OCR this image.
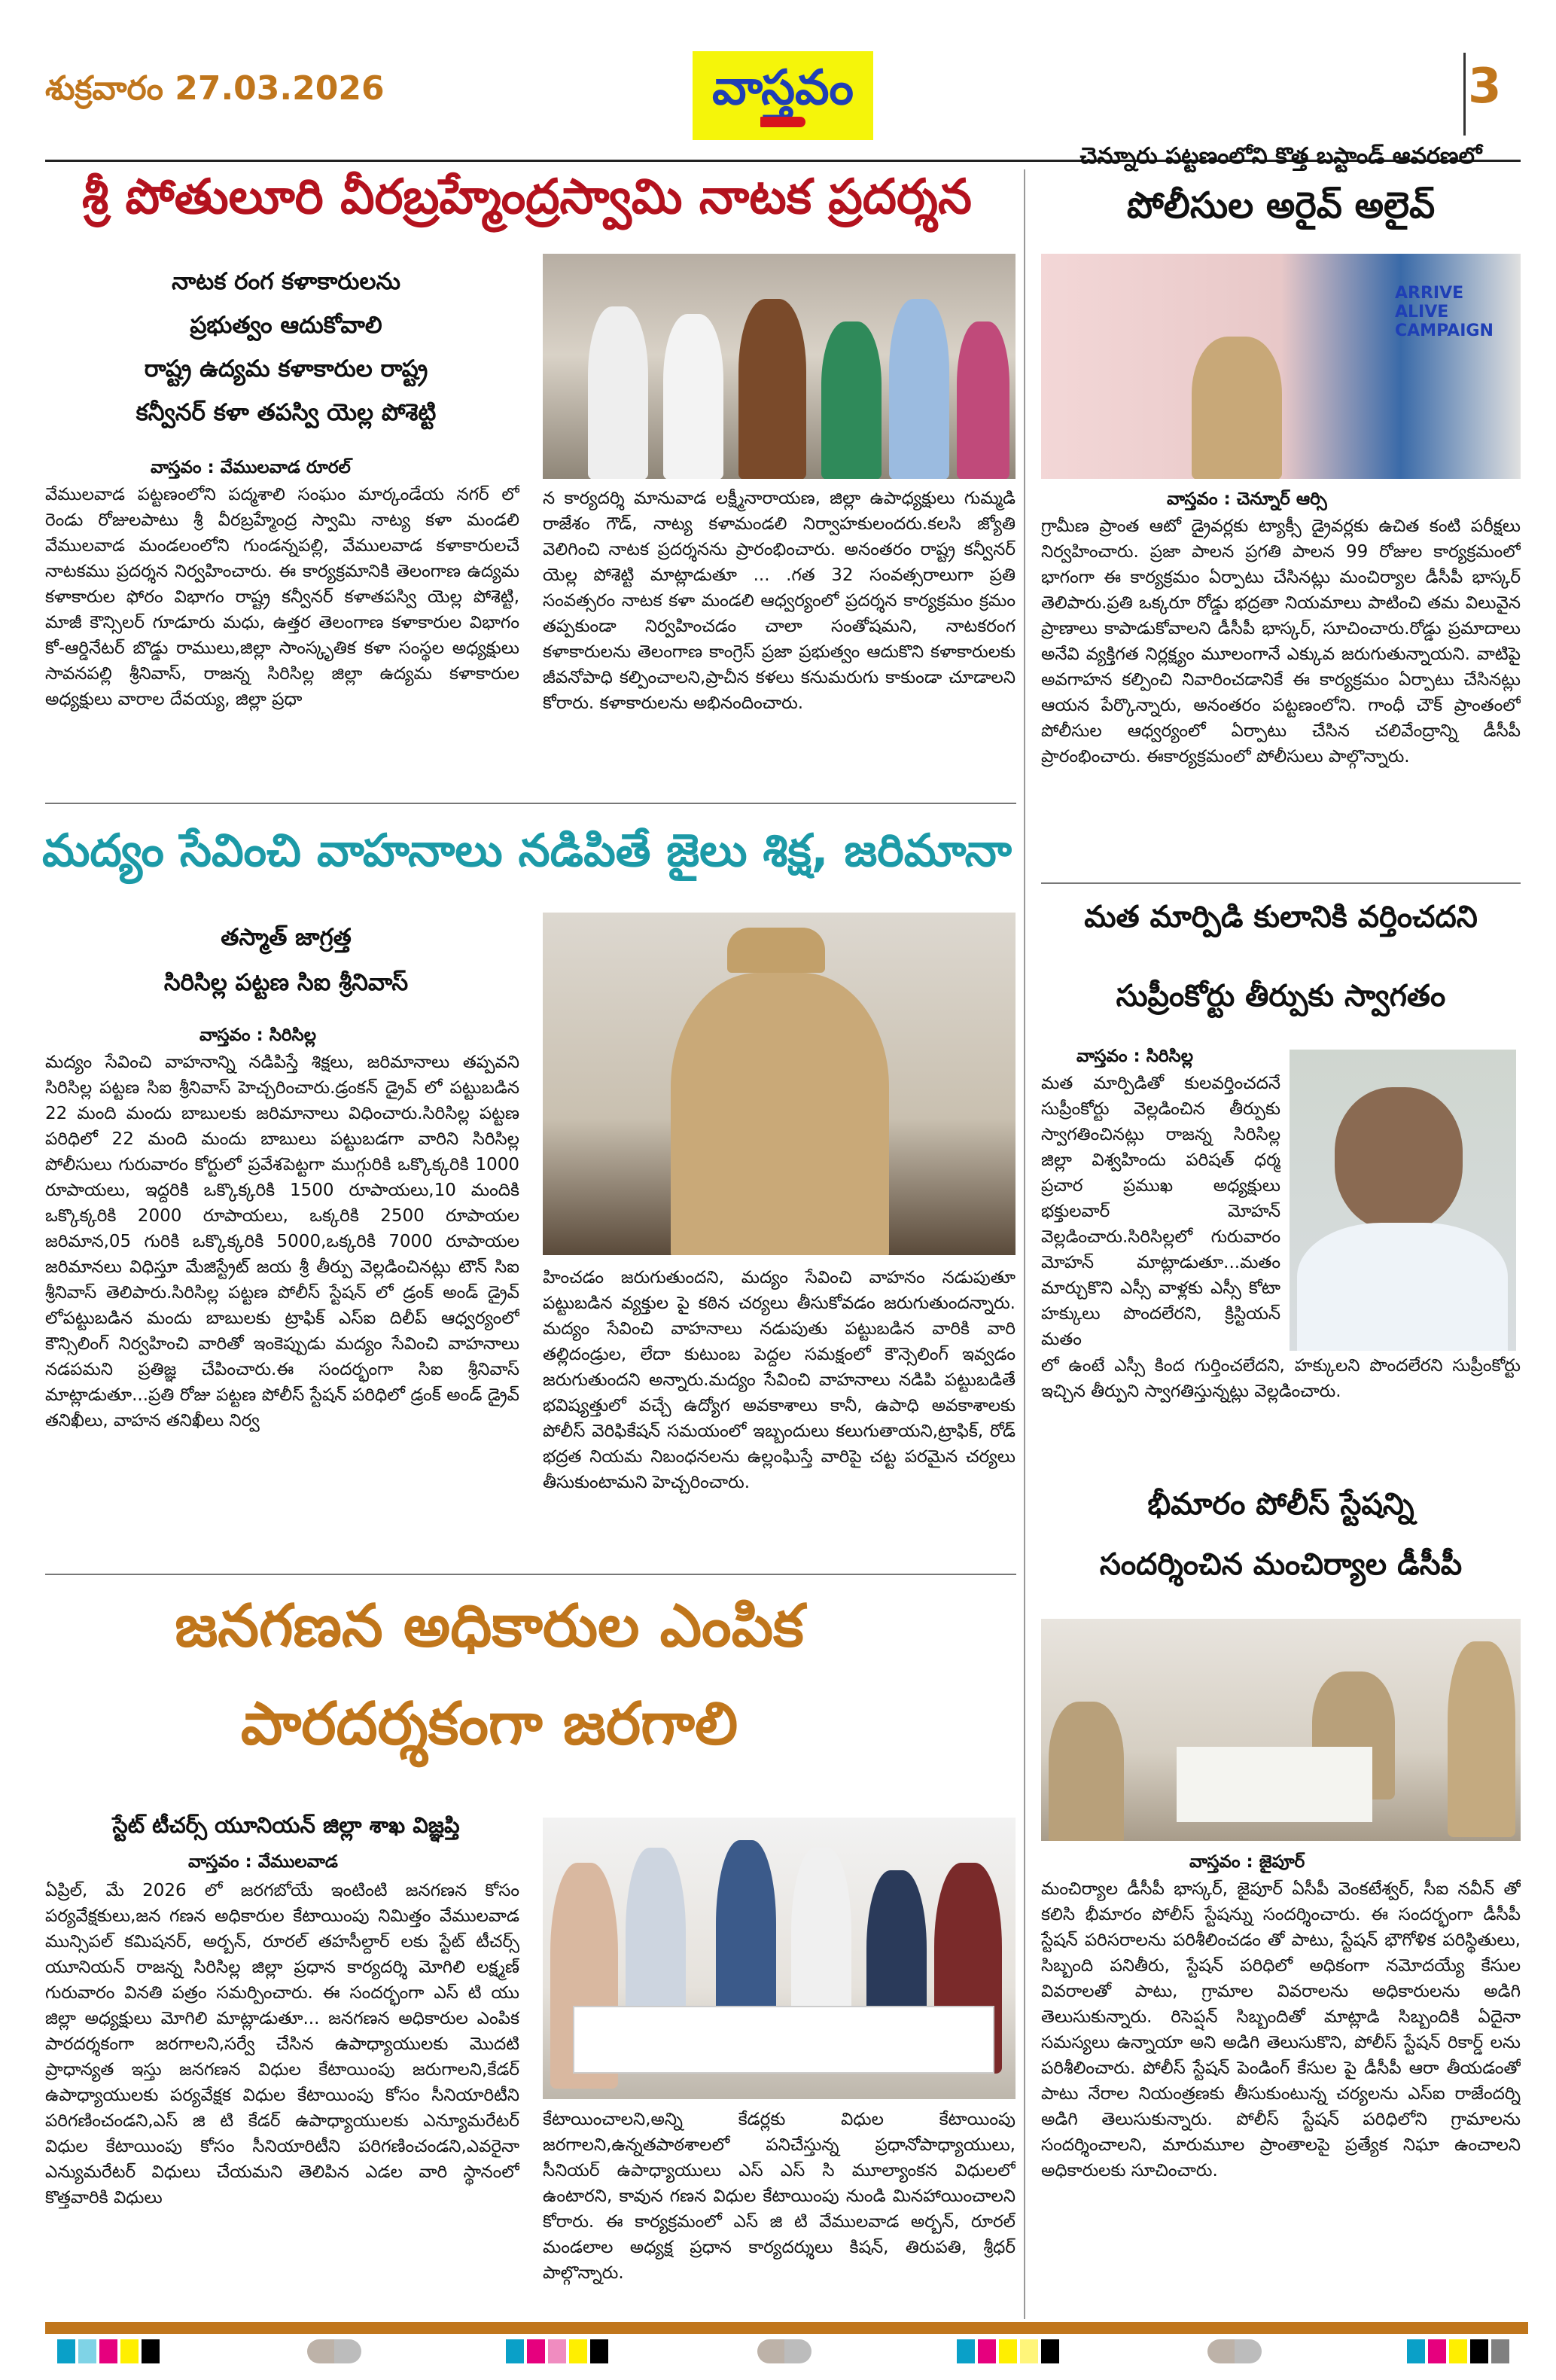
శుక్రవారం 27.03.2026	వాస్తవం	3
శ్రీ పోతులూరి వీరబ్రహ్మేంద్రస్వామి నాటక ప్రదర్శన
నాటక రంగ కళాకారులను
ప్రభుత్వం ఆదుకోవాలి
రాష్ట్ర ఉద్యమ కళాకారుల రాష్ట్ర
కన్వీనర్ కళా తపస్వి యెల్ల పోశెట్టి
వాస్తవం : వేములవాడ రూరల్
వేములవాడ పట్టణంలోని పద్మశాలి సంఘం మార్కండేయ నగర్ లో రెండు రోజులపాటు శ్రీ వీరబ్రహ్మేంద్ర స్వామి నాట్య కళా మండలి వేములవాడ మండలంలోని గుండన్నపల్లి, వేములవాడ కళాకారులచే నాటకము ప్రదర్శన నిర్వహించారు. ఈ కార్యక్రమానికి తెలంగాణ ఉద్యమ కళాకారుల ఫోరం విభాగం రాష్ట్ర కన్వీనర్ కళాతపస్వి యెల్ల పోశెట్టి, మాజీ కౌన్సిలర్ గూడూరు మధు, ఉత్తర తెలంగాణ కళాకారుల విభాగం కో-ఆర్డినేటర్ బొడ్డు రాములు,జిల్లా సాంస్కృతిక కళా సంస్థల అధ్యక్షులు సావనపల్లి శ్రీనివాస్, రాజన్న సిరిసిల్ల జిల్లా ఉద్యమ కళాకారుల అధ్యక్షులు వారాల దేవయ్య, జిల్లా ప్రధా
న కార్యదర్శి మానువాడ లక్ష్మీనారాయణ, జిల్లా ఉపాధ్యక్షులు గుమ్మడి రాజేశం గౌడ్, నాట్య కళామండలి నిర్వాహకులందరు.కలసి జ్యోతి వెలిగించి నాటక ప్రదర్శనను ప్రారంభించారు. అనంతరం రాష్ట్ర కన్వీనర్ యెల్ల పోశెట్టి మాట్లాడుతూ ... .గత 32 సంవత్సరాలుగా ప్రతి సంవత్సరం నాటక కళా మండలి ఆధ్వర్యంలో ప్రదర్శన కార్యక్రమం క్రమం తప్పకుండా నిర్వహించడం చాలా సంతోషమని, నాటకరంగ కళాకారులను తెలంగాణ కాంగ్రెస్ ప్రజా ప్రభుత్వం ఆదుకొని కళాకారులకు జీవనోపాధి కల్పించాలని,ప్రాచీన కళలు కనుమరుగు కాకుండా చూడాలని కోరారు. కళాకారులను అభినందించారు.
మద్యం సేవించి వాహనాలు నడిపితే జైలు శిక్ష, జరిమానా
తస్మాత్ జాగ్రత్త
సిరిసిల్ల పట్టణ సిఐ శ్రీనివాస్
వాస్తవం : సిరిసిల్ల
మద్యం సేవించి వాహనాన్ని నడిపిస్తే శిక్షలు, జరిమానాలు తప్పవని సిరిసిల్ల పట్టణ సిఐ శ్రీనివాస్ హెచ్చరించారు.డ్రంకన్ డ్రైవ్ లో పట్టుబడిన 22 మంది మందు బాబులకు జరిమానాలు విధించారు.సిరిసిల్ల పట్టణ పరిధిలో 22 మంది మందు బాబులు పట్టుబడగా వారిని సిరిసిల్ల పోలీసులు గురువారం కోర్టులో ప్రవేశపెట్టగా ముగ్గురికి ఒక్కొక్కరికి 1000 రూపాయలు, ఇద్దరికి ఒక్కొక్కరికి 1500 రూపాయలు,10 మందికి ఒక్కొక్కరికి 2000 రూపాయలు, ఒక్కరికి 2500 రూపాయల జరిమాన,05 గురికి ఒక్కొక్కరికి 5000,ఒక్కరికి 7000 రూపాయల జరిమానలు విధిస్తూ మేజిస్ట్రేట్ జయ శ్రీ తీర్పు వెల్లడించినట్లు టౌన్ సిఐ శ్రీనివాస్ తెలిపారు.సిరిసిల్ల పట్టణ పోలీస్ స్టేషన్ లో డ్రంక్ అండ్ డ్రైవ్ లోపట్టుబడిన మందు బాబులకు ట్రాఫిక్ ఎస్ఐ దిలీప్ ఆధ్వర్యంలో కౌన్సిలింగ్ నిర్వహించి వారితో ఇంకెప్పుడు మద్యం సేవించి వాహనాలు నడపమని ప్రతిజ్ఞ చేపించారు.ఈ సందర్భంగా సిఐ శ్రీనివాస్ మాట్లాడుతూ...ప్రతి రోజు పట్టణ పోలీస్ స్టేషన్ పరిధిలో డ్రంక్ అండ్ డ్రైవ్ తనిఖీలు, వాహన తనిఖీలు నిర్వ
హించడం జరుగుతుందని, మద్యం సేవించి వాహనం నడుపుతూ పట్టుబడిన వ్యక్తుల పై కఠిన చర్యలు తీసుకోవడం జరుగుతుందన్నారు. మద్యం సేవించి వాహనాలు నడుపుతు పట్టుబడిన వారికి వారి తల్లిదండ్రుల, లేదా కుటుంబ పెద్దల సమక్షంలో కౌన్సెలింగ్ ఇవ్వడం జరుగుతుందని అన్నారు.మద్యం సేవించి వాహనాలు నడిపి పట్టుబడితే భవిష్యత్తులో వచ్చే ఉద్యోగ అవకాశాలు కానీ, ఉపాధి అవకాశాలకు పోలీస్ వెరిఫికేషన్ సమయంలో ఇబ్బందులు కలుగుతాయని,ట్రాఫిక్, రోడ్ భద్రత నియమ నిబంధనలను ఉల్లంఘిస్తే వారిపై చట్ట పరమైన చర్యలు తీసుకుంటామని హెచ్చరించారు.
జనగణన అధికారుల ఎంపిక
పారదర్శకంగా జరగాలి
స్టేట్ టీచర్స్ యూనియన్ జిల్లా శాఖ విజ్ఞప్తి
వాస్తవం : వేములవాడ
ఏప్రిల్, మే 2026 లో జరగబోయే ఇంటింటి జనగణన కోసం పర్యవేక్షకులు,జన గణన అధికారుల కేటాయింపు నిమిత్తం వేములవాడ మున్సిపల్ కమిషనర్, అర్బన్, రూరల్ తహసీల్దార్ లకు స్టేట్ టీచర్స్ యూనియన్ రాజన్న సిరిసిల్ల జిల్లా ప్రధాన కార్యదర్శి మోగిలి లక్ష్మణ్ గురువారం వినతి పత్రం సమర్పించారు. ఈ సందర్భంగా ఎస్ టి యు జిల్లా అధ్యక్షులు మోగిలి మాట్లాడుతూ... జనగణన అధికారుల ఎంపిక పారదర్శకంగా జరగాలని,సర్వే చేసిన ఉపాధ్యాయులకు మొదటి ప్రాధాన్యత ఇస్తు జనగణన విధుల కేటాయింపు జరుగాలని,కేడర్ ఉపాధ్యాయులకు పర్యవేక్షక విధుల కేటాయింపు కోసం సీనియారిటీని పరిగణించండని,ఎస్ జి టి కేడర్ ఉపాధ్యాయులకు ఎన్యూమరేటర్ విధుల కేటాయింపు కోసం సీనియారిటీని పరిగణించండని,ఎవరైనా ఎన్యుమరేటర్ విధులు చేయమని తెలిపిన ఎడల వారి స్థానంలో కొత్తవారికి విధులు
కేటాయించాలని,అన్ని కేడర్లకు విధుల కేటాయింపు జరగాలని,ఉన్నతపాఠశాలలో పనిచేస్తున్న ప్రధానోపాధ్యాయులు, సీనియర్ ఉపాధ్యాయులు ఎస్ ఎస్ సి మూల్యాంకన విధులలో ఉంటారని, కావున గణన విధుల కేటాయింపు నుండి మినహాయించాలని కోరారు. ఈ కార్యక్రమంలో ఎస్ జి టి వేములవాడ అర్బన్, రూరల్ మండలాల అధ్యక్ష ప్రధాన కార్యదర్శులు కిషన్, తిరుపతి, శ్రీధర్ పాల్గొన్నారు.
చెన్నూరు పట్టణంలోని కొత్త బస్టాండ్ ఆవరణలో
పోలీసుల అరైవ్ అలైవ్
ARRIVE ALIVE CAMPAIGN
వాస్తవం : చెన్నూర్ ఆర్సి
గ్రామీణ ప్రాంత ఆటో డ్రైవర్లకు ట్యాక్సీ డ్రైవర్లకు ఉచిత కంటి పరీక్షలు నిర్వహించారు. ప్రజా పాలన ప్రగతి పాలన 99 రోజుల కార్యక్రమంలో భాగంగా ఈ కార్యక్రమం ఏర్పాటు చేసినట్లు మంచిర్యాల డీసీపీ భాస్కర్ తెలిపారు.ప్రతి ఒక్కరూ రోడ్డు భద్రతా నియమాలు పాటించి తమ విలువైన ప్రాణాలు కాపాడుకోవాలని డీసీపీ భాస్కర్, సూచించారు.రోడ్డు ప్రమాదాలు అనేవి వ్యక్తిగత నిర్లక్ష్యం మూలంగానే ఎక్కువ జరుగుతున్నాయని. వాటిపై అవగాహన కల్పించి నివారించడానికే ఈ కార్యక్రమం ఏర్పాటు చేసినట్లు ఆయన పేర్కొన్నారు, అనంతరం పట్టణంలోని. గాంధీ చౌక్ ప్రాంతంలో పోలీసుల ఆధ్వర్యంలో ఏర్పాటు చేసిన చలివేంద్రాన్ని డీసీపీ ప్రారంభించారు. ఈకార్యక్రమంలో పోలీసులు పాల్గొన్నారు.
మత మార్పిడి కులానికి వర్తించదని
సుప్రీంకోర్టు తీర్పుకు స్వాగతం
వాస్తవం : సిరిసిల్ల
మత మార్పిడితో కులవర్తించదనే సుప్రీంకోర్టు వెల్లడించిన తీర్పుకు స్వాగతించినట్లు రాజన్న సిరిసిల్ల జిల్లా విశ్వహిందు పరిషత్ ధర్మ ప్రచార ప్రముఖ అధ్యక్షులు భక్తులవార్ మోహన్ వెల్లడించారు.సిరిసిల్లలో గురువారం మోహన్ మాట్లాడుతూ...మతం మార్చుకొని ఎస్సీ వాళ్లకు ఎస్సీ కోటా హక్కులు పొందలేరని, క్రిస్టియన్ మతం
లో ఉంటే ఎస్సీ కింద గుర్తించలేదని, హక్కులని పొందలేరని సుప్రీంకోర్టు ఇచ్చిన తీర్పుని స్వాగతిస్తున్నట్లు వెల్లడించారు.
భీమారం పోలీస్ స్టేషన్ని
సందర్శించిన మంచిర్యాల డీసీపీ
వాస్తవం : జైపూర్
మంచిర్యాల డీసీపీ భాస్కర్, జైపూర్ ఏసీపీ వెంకటేశ్వర్, సీఐ నవీన్ తో కలిసి భీమారం పోలీస్ స్టేషన్ను సందర్శించారు. ఈ సందర్భంగా డీసీపీ స్టేషన్ పరిసరాలను పరిశీలించడం తో పాటు, స్టేషన్ భౌగోళిక పరిస్థితులు, సిబ్బంది పనితీరు, స్టేషన్ పరిధిలో అధికంగా నమోదయ్యే కేసుల వివరాలతో పాటు, గ్రామాల వివరాలను అధికారులను అడిగి తెలుసుకున్నారు. రిసెప్షన్ సిబ్బందితో మాట్లాడి సిబ్బందికి ఏదైనా సమస్యలు ఉన్నాయా అని అడిగి తెలుసుకొని, పోలీస్ స్టేషన్ రికార్డ్ లను పరిశీలించారు. పోలీస్ స్టేషన్ పెండింగ్ కేసుల పై డీసీపీ ఆరా తీయడంతో పాటు నేరాల నియంత్రణకు తీసుకుంటున్న చర్యలను ఎస్ఐ రాజేందర్ని అడిగి తెలుసుకున్నారు. పోలీస్ స్టేషన్ పరిధిలోని గ్రామాలను సందర్శించాలని, మారుమూల ప్రాంతాలపై ప్రత్యేక నిఘా ఉంచాలని అధికారులకు సూచించారు.
